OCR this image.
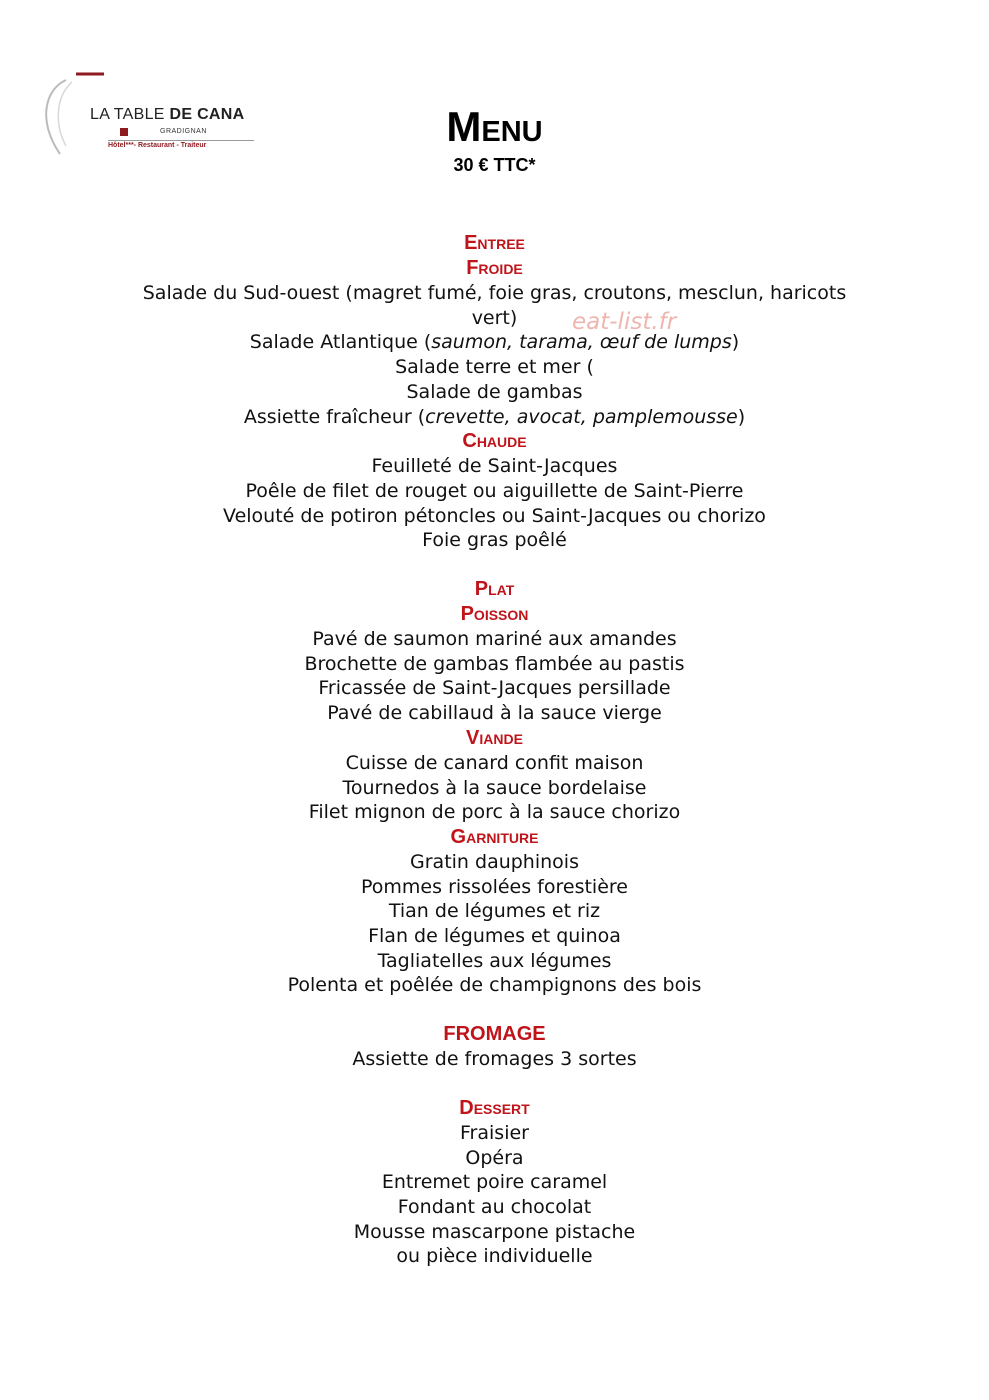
LA TABLE DE CANA
GRADIGNAN
Hôtel***- Restaurant - Traiteur	Menu
30 € TTC*
eat-list.fr
Entree
Froide

Salade du Sud-ouest (magret fumé, foie gras, croutons, mesclun, haricots vert)

Salade Atlantique (saumon, tarama, œuf de lumps)

Salade terre et mer (

Salade de gambas

Assiette fraîcheur (crevette, avocat, pamplemousse)

Chaude

Feuilleté de Saint-Jacques

Poêle de filet de rouget ou aiguillette de Saint-Pierre

Velouté de potiron pétoncles ou Saint-Jacques ou chorizo

Foie gras poêlé

Plat
Poisson

Pavé de saumon mariné aux amandes

Brochette de gambas flambée au pastis

Fricassée de Saint-Jacques persillade

Pavé de cabillaud à la sauce vierge

Viande

Cuisse de canard confit maison

Tournedos à la sauce bordelaise

Filet mignon de porc à la sauce chorizo

Garniture

Gratin dauphinois

Pommes rissolées forestière

Tian de légumes et riz

Flan de légumes et quinoa

Tagliatelles aux légumes

Polenta et poêlée de champignons des bois

FROMAGE

Assiette de fromages 3 sortes

Dessert

Fraisier

Opéra

Entremet poire caramel

Fondant au chocolat

Mousse mascarpone pistache

ou pièce individuelle
